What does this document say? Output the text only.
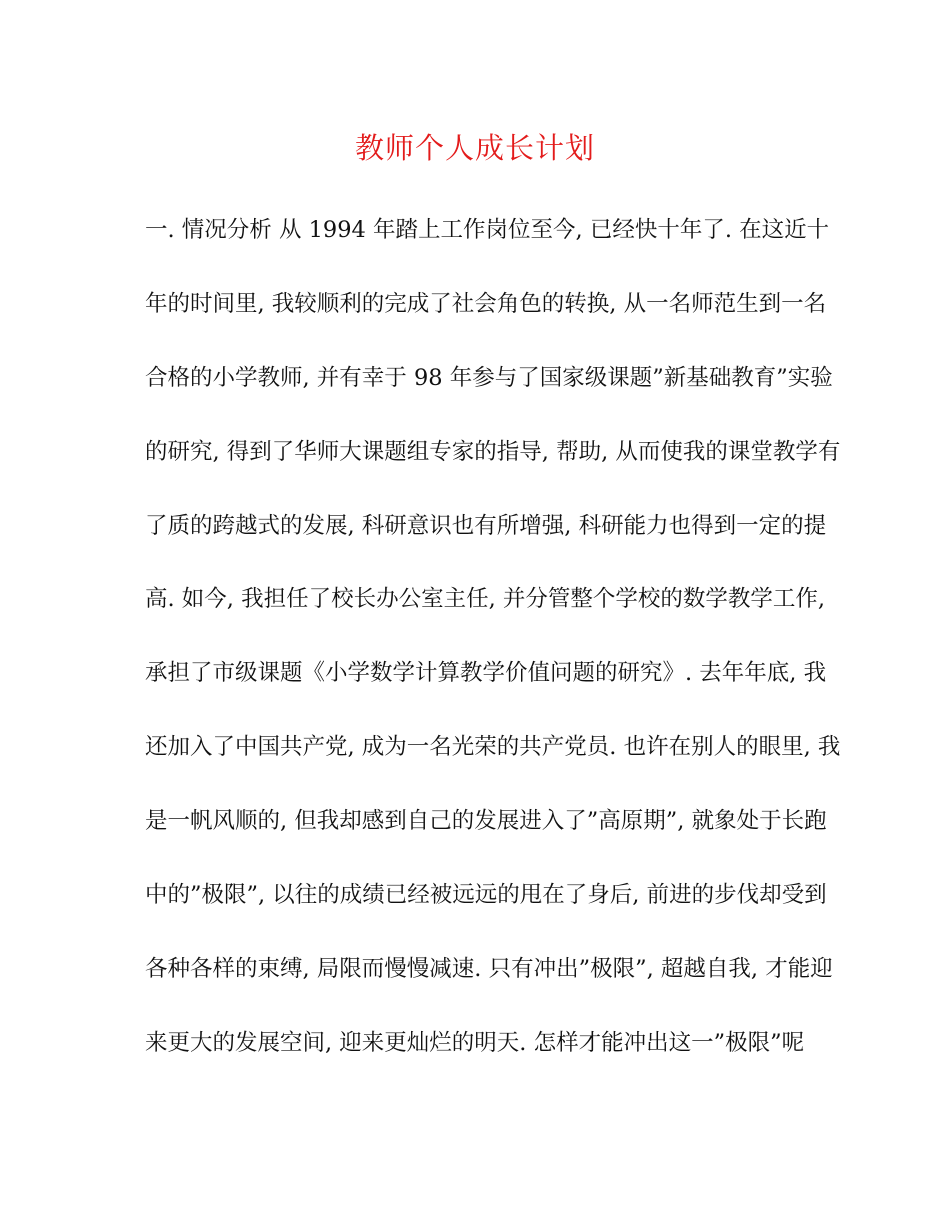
教师个人成长计划
一. 情况分析 从 1994 年踏上工作岗位至今, 已经快十年了. 在这近十
年的时间里, 我较顺利的完成了社会角色的转换, 从一名师范生到一名
合格的小学教师, 并有幸于 98 年参与了国家级课题”新基础教育”实验
的研究, 得到了华师大课题组专家的指导, 帮助, 从而使我的课堂教学有
了质的跨越式的发展, 科研意识也有所增强, 科研能力也得到一定的提
高. 如今, 我担任了校长办公室主任, 并分管整个学校的数学教学工作,
承担了市级课题《小学数学计算教学价值问题的研究》. 去年年底, 我
还加入了中国共产党, 成为一名光荣的共产党员. 也许在别人的眼里, 我
是一帆风顺的, 但我却感到自己的发展进入了”高原期”, 就象处于长跑
中的”极限”, 以往的成绩已经被远远的甩在了身后, 前进的步伐却受到
各种各样的束缚, 局限而慢慢减速. 只有冲出”极限”, 超越自我, 才能迎
来更大的发展空间, 迎来更灿烂的明天. 怎样才能冲出这一”极限”呢
